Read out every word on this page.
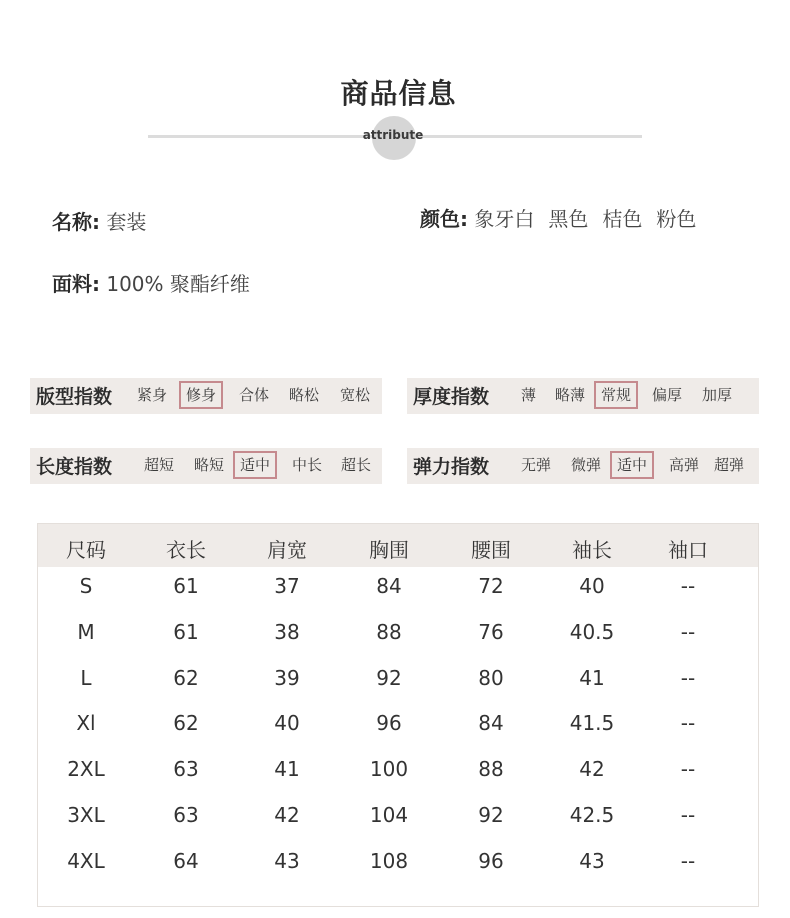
商品信息
attribute
名称: 套装	颜色: 象牙白 黑色 桔色 粉色
面料: 100% 聚酯纤维
版型指数 紧身	修身	合体 略松 宽松 厚度指数 薄 略薄	常规	偏厚 加厚
长度指数 超短 略短	适中	中长 超长 弹力指数 无弹 微弹	适中	高弹 超弹
尺码	衣长	肩宽	胸围	腰围	袖长	袖口
S	61	37	84	72	40	--
M	61	38	88	76	40.5	--
L	62	39	92	80	41	--
Xl	62	40	96	84	41.5	--
2XL	63	41	100	88	42	--
3XL	63	42	104	92	42.5	--
4XL	64	43	108	96	43	--
